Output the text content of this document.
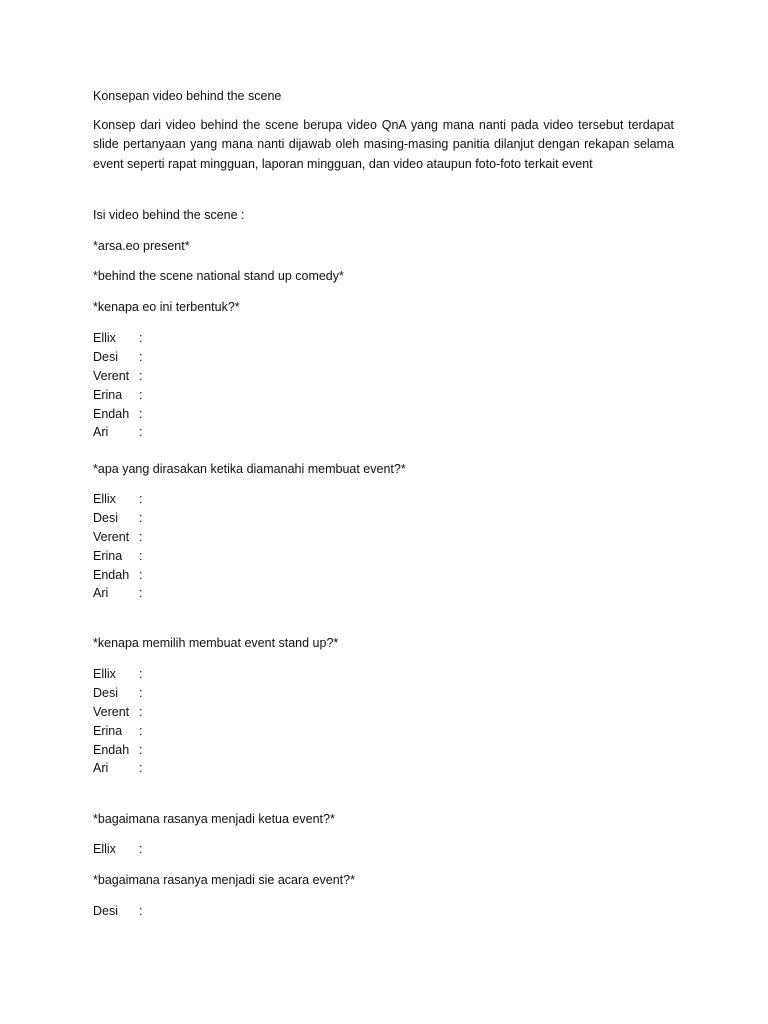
Konsepan video behind the scene
Konsep dari video behind the scene berupa video QnA yang mana nanti pada video tersebut terdapat slide pertanyaan yang mana nanti dijawab oleh masing-masing panitia dilanjut dengan rekapan selama event seperti rapat mingguan, laporan mingguan, dan video ataupun foto-foto terkait event
Isi video behind the scene :
*arsa.eo present*
*behind the scene national stand up comedy*
*kenapa eo ini terbentuk?*
Ellix :
Desi :
Verent :
Erina :
Endah :
Ari :
*apa yang dirasakan ketika diamanahi membuat event?*
Ellix :
Desi :
Verent :
Erina :
Endah :
Ari :
*kenapa memilih membuat event stand up?*
Ellix :
Desi :
Verent :
Erina :
Endah :
Ari :
*bagaimana rasanya menjadi ketua event?*
Ellix :
*bagaimana rasanya menjadi sie acara event?*
Desi :
